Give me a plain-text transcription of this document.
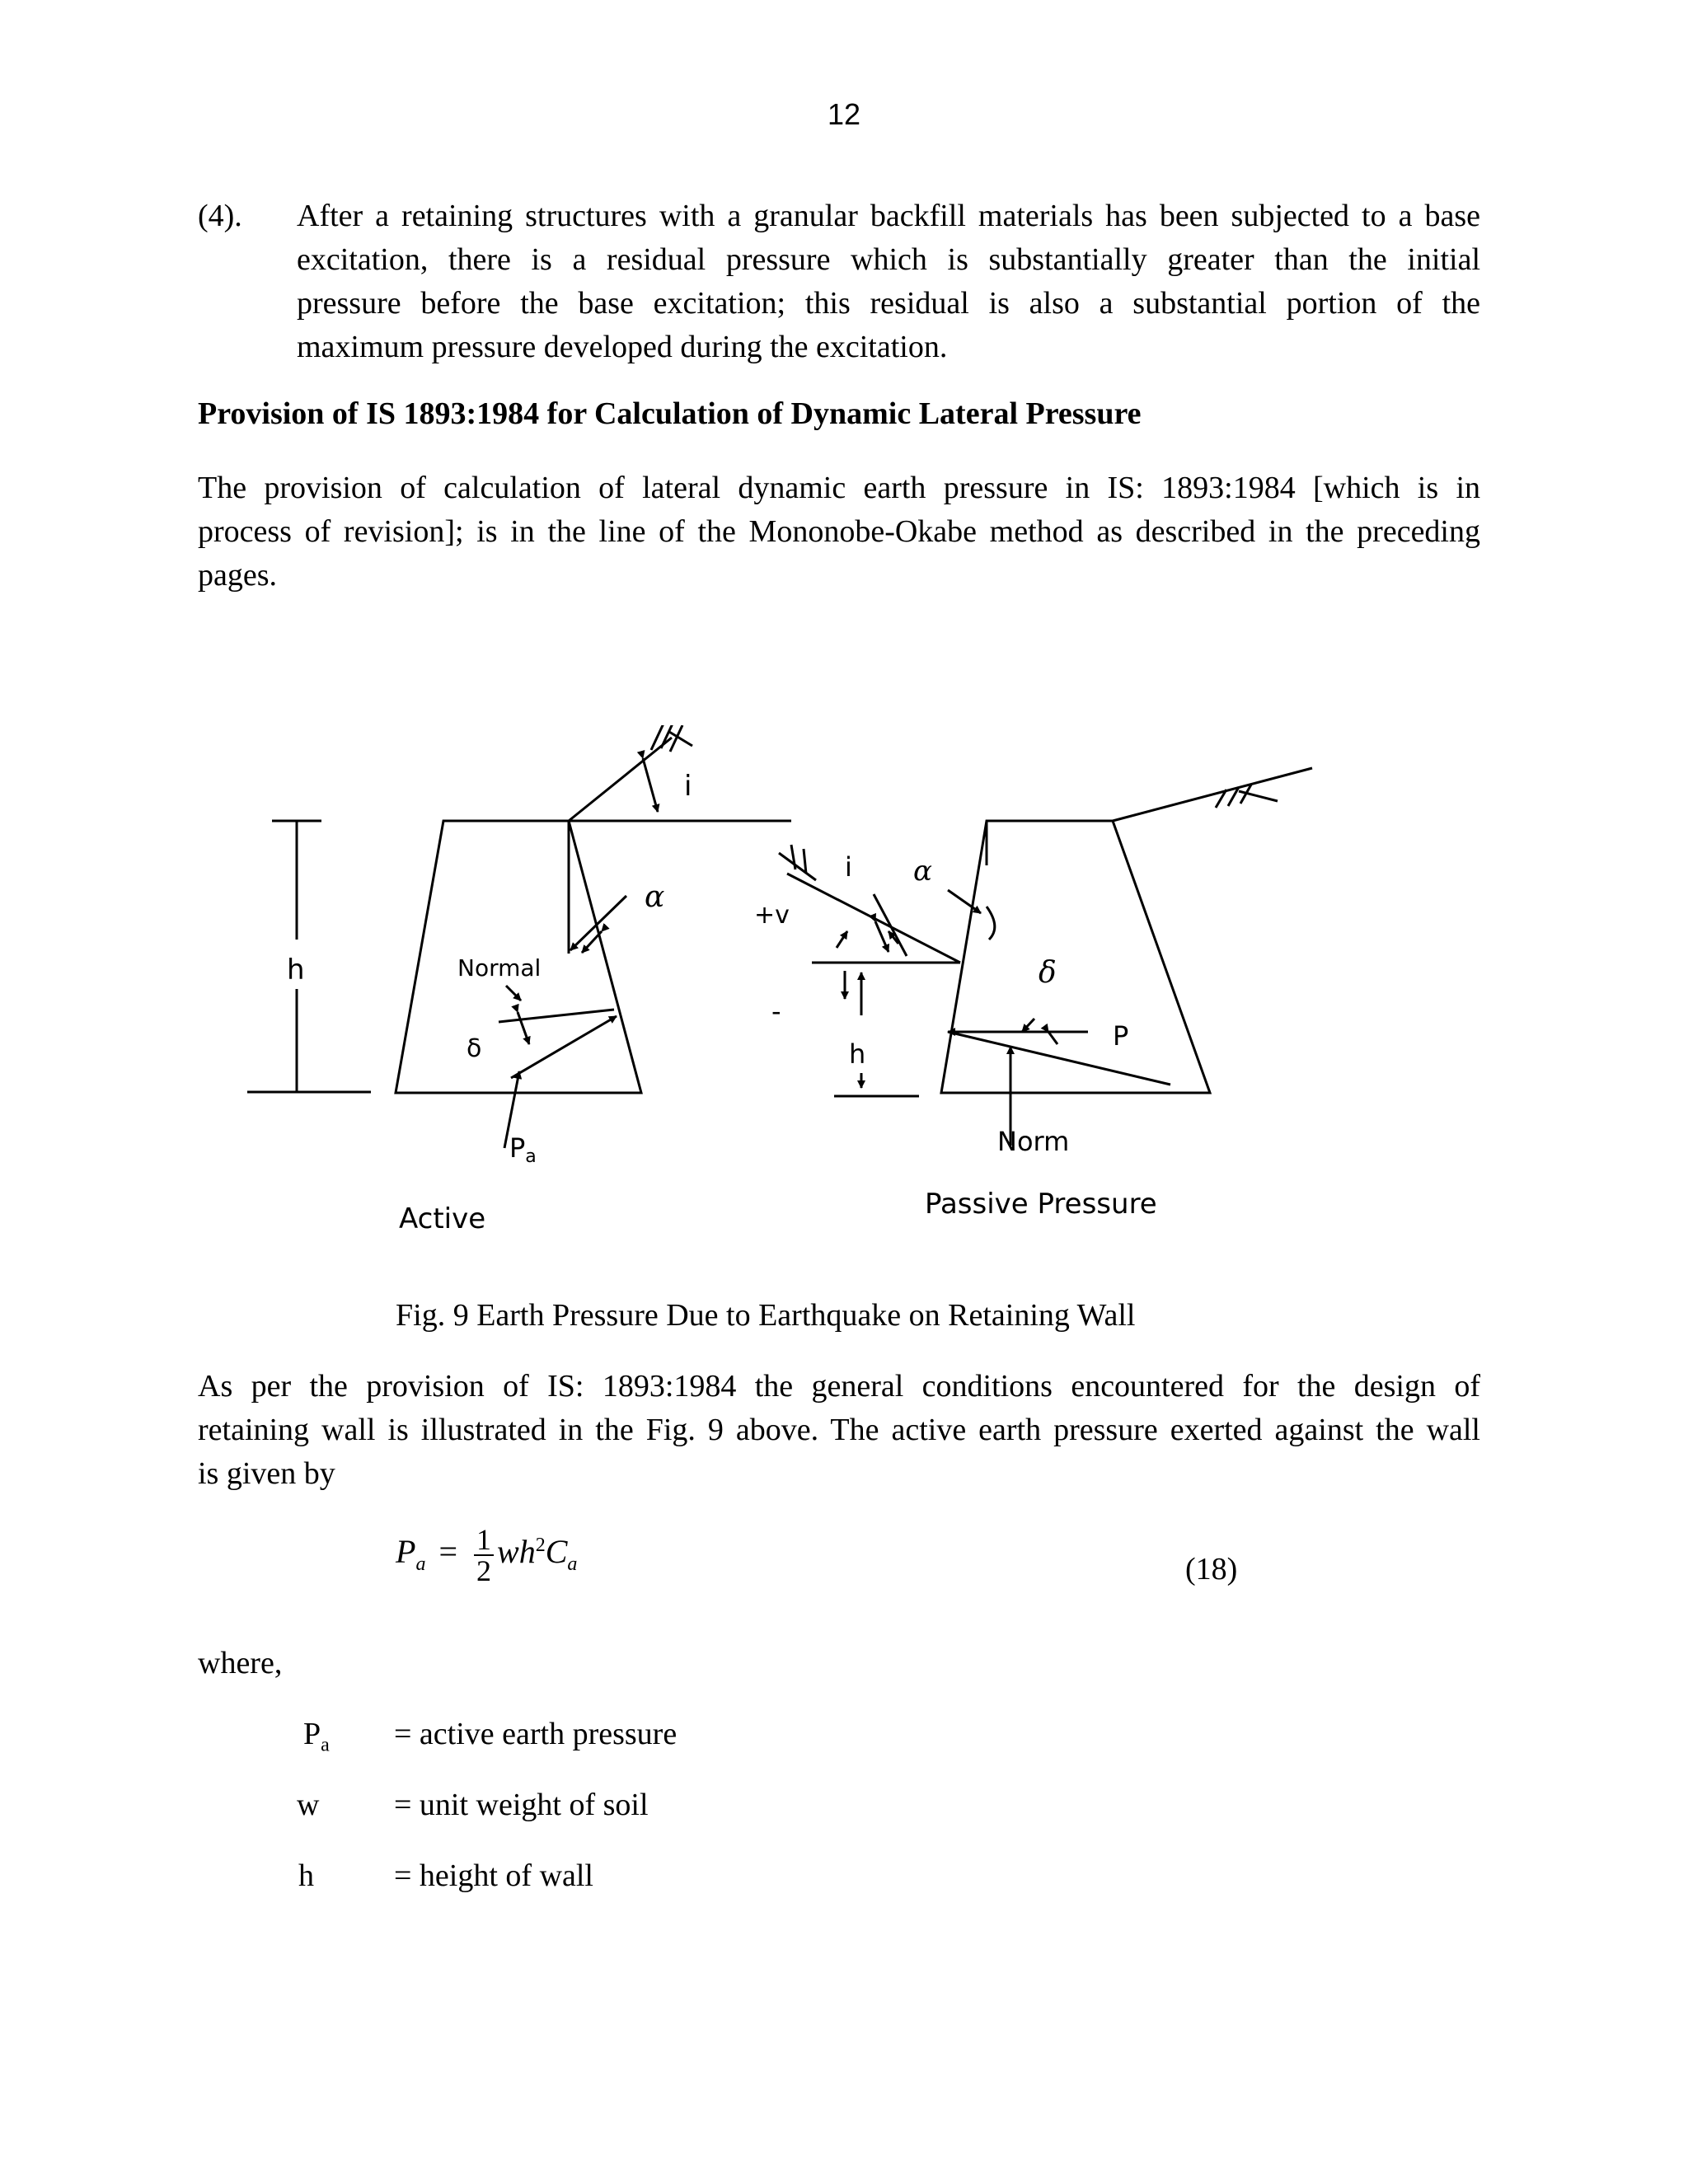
12
(4). After a retaining structures with a granular backfill materials has been subjected to a base
excitation, there is a residual pressure which is substantially greater than the initial
pressure before the base excitation; this residual is also a substantial portion of the
maximum pressure developed during the excitation.
Provision of IS 1893:1984 for Calculation of Dynamic Lateral Pressure
The provision of calculation of lateral dynamic earth pressure in IS: 1893:1984 [which is in
process of revision]; is in the line of the Mononobe-Okabe method as described in the preceding
pages.
h
i
α
Normal
δ
Pa
Active
+v
-
i α
δ
P
h
Norm
Passive Pressure
Fig. 9 Earth Pressure Due to Earthquake on Retaining Wall
As per the provision of IS: 1893:1984 the general conditions encountered for the design of
retaining wall is illustrated in the Fig. 9 above. The active earth pressure exerted against the wall
is given by
$P_a = \frac{1}{2} wh^2C_a$	(18)
where,
$P_a$ = active earth pressure
w = unit weight of soil
h	= height of wall
